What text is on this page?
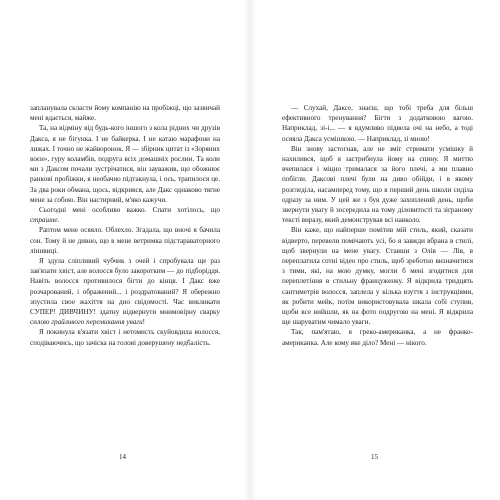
запланувала скласти йому компанію на пробіжці, що зазвичай мені вдається, майже.

Та, на відміну від будь-кого іншого з кола рідних чи друзів Дакса, я не бігунка. І не байкерка. І не катаю марафони на лижах. І точно не жайворонок. Я — збірник цитат із «Зоряних воєн», гуру коламбів, подруга всіх домашніх рослин. Та коли ми з Даксом почали зустрічатися, він зауважив, що обожнює ранкові пробіжки, я необачно підтакнула, і ось, трапилося це. За два роки обмана, щось, відкрився, але Дакс однаково тягне мене за собою. Він настирний, м'яко кажучи.

Сьогодні мені особливо важко. Спати хотілось, що страшне.

Раптом мене осяяло. Облехло. Згадала, що вночі я бачила сон. Тому й не дивно, що в мене ветримка підстараваторного лінивиці.

Я здула сліпливий чубчик з очей і спробувала ще раз зав'язати хвіст, але волосся було закоротким — до підборіддя. Навіть волосся противилося бігти до кінця. І Дакс вже розчарований, і ображений... і роздратований? Я обережно зпустила свое жахіття на дно свідомості. Час викликати СУПЕР! ДИВЧИНУ! здатну відвернути мнимовірну сварку силою грайливого перемикання уваги!

Я покинула в'язати хвіст і нетомисть скуйовдила волосся, сподіваючись, що зачіска на голові доверушену недбалість.

14

— Слухай, Даксе, знаєш, що тобі треба для більш ефективного тренування? Бігти з додатковою вагою. Наприклад, зі-і... — я вдумливо підвела очі на небо, а тоді осяяла Дакса усмішкою. — Наприклад, зі мною!

Він знову застогнав, але не зміг стримати усмішку й нахилився, щоб я застрибнула йому на спину. Я миттю вчепилася і міцно трималася за його плечі, а ми плавно побігли. Даксові плечі були на диво обійди, і в якому розгледіла, насамперед тому, що в перший день школи сиділа одразу за ним. У цей же з буя дуже захоплений день, щоби звернути увагу й зосередила на тому діловитості та зіграному тексті виразу, який демонстрував всі навколо.

Він каже, що найперше помітив мій стиль, який, сказати відверто, перевели помічають усі, бо я завжди вбрана в стилі, щоб звернули на мене увагу. Ставши з Олів — Лів, в переплатила сотні відео про стиль, щоб зреботно визначитися з тими, які, на мою думку, могли б мені згодитися для переплетіння в стильну француженку. Я відкрила тридцять сантиметрів волосся, заплела у кілька взуття з інструкціями, як робити мейк, потім використовувала шкала собі ступив, щоби все вийшли, як на фото подругою на мені. Я відкрила ще шаруватим чимало уваги.

Так, пам'ятаю, я греко-американка, а не франко-американка. Але кому яке діло? Мені — нікого.

15
